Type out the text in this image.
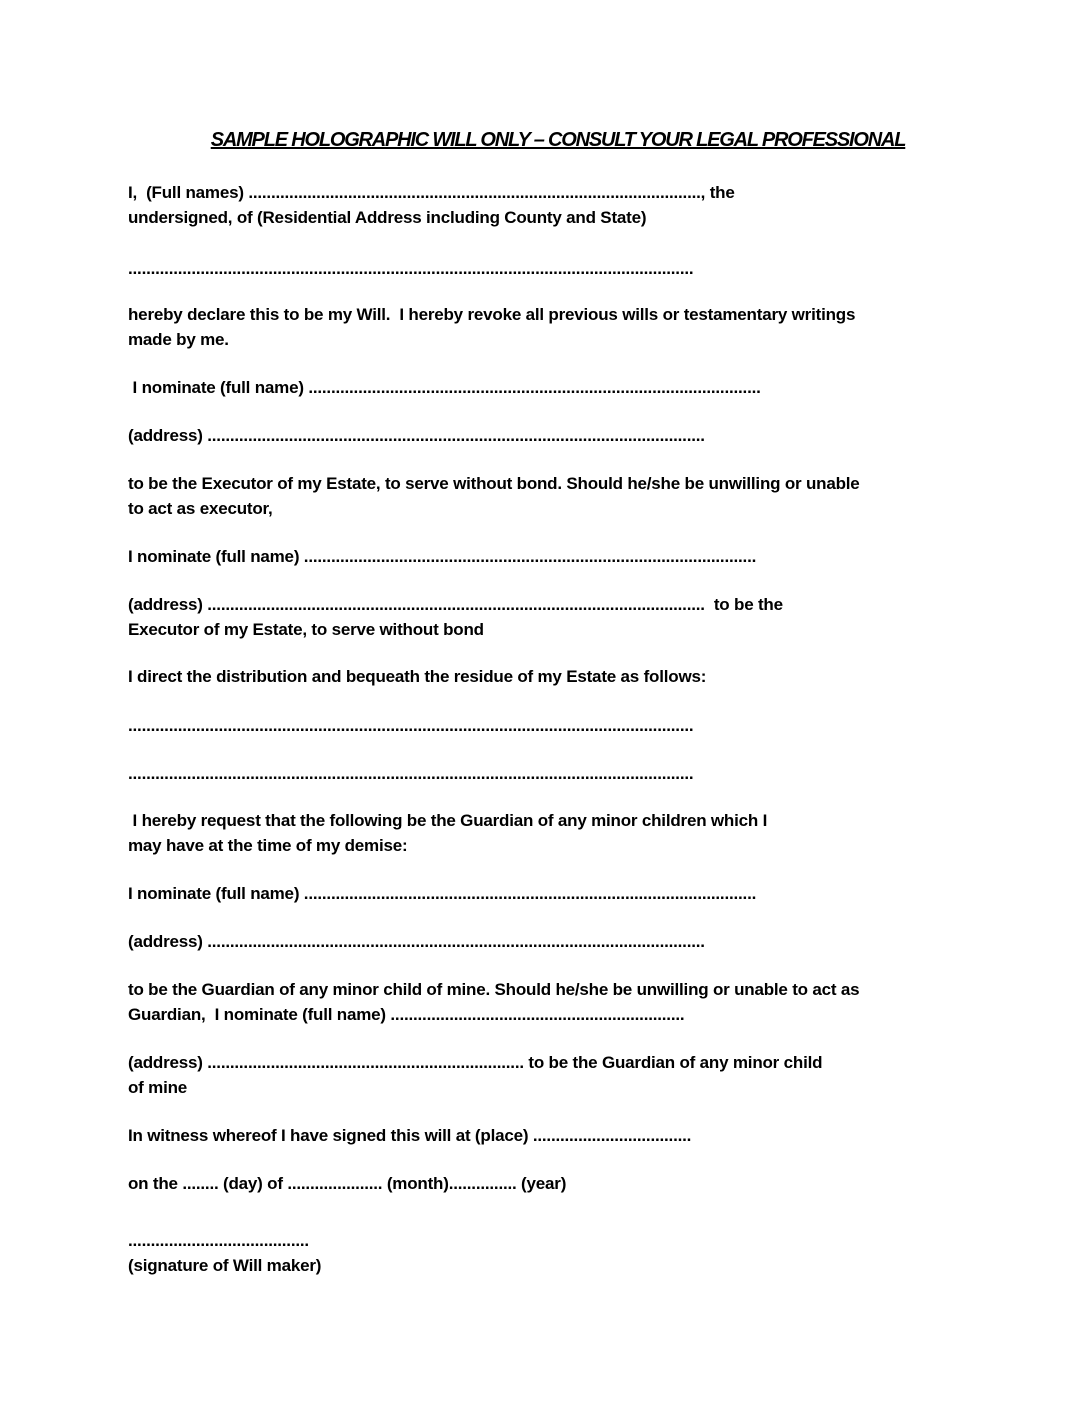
SAMPLE HOLOGRAPHIC WILL ONLY – CONSULT YOUR LEGAL PROFESSIONAL
I,  (Full names) ...................................................................................................., the
undersigned, of (Residential Address including County and State)
.............................................................................................................................
hereby declare this to be my Will.  I hereby revoke all previous wills or testamentary writings
made by me.
I nominate (full name) ....................................................................................................
(address) ..............................................................................................................
to be the Executor of my Estate, to serve without bond. Should he/she be unwilling or unable
to act as executor,
I nominate (full name) ....................................................................................................
(address) ..............................................................................................................  to be the
Executor of my Estate, to serve without bond
I direct the distribution and bequeath the residue of my Estate as follows:
.............................................................................................................................
.............................................................................................................................
I hereby request that the following be the Guardian of any minor children which I
may have at the time of my demise:
I nominate (full name) ....................................................................................................
(address) ..............................................................................................................
to be the Guardian of any minor child of mine. Should he/she be unwilling or unable to act as
Guardian,  I nominate (full name) .................................................................
(address) ...................................................................... to be the Guardian of any minor child
of mine
In witness whereof I have signed this will at (place) ...................................
on the ........ (day) of ..................... (month)............... (year)
........................................
(signature of Will maker)
